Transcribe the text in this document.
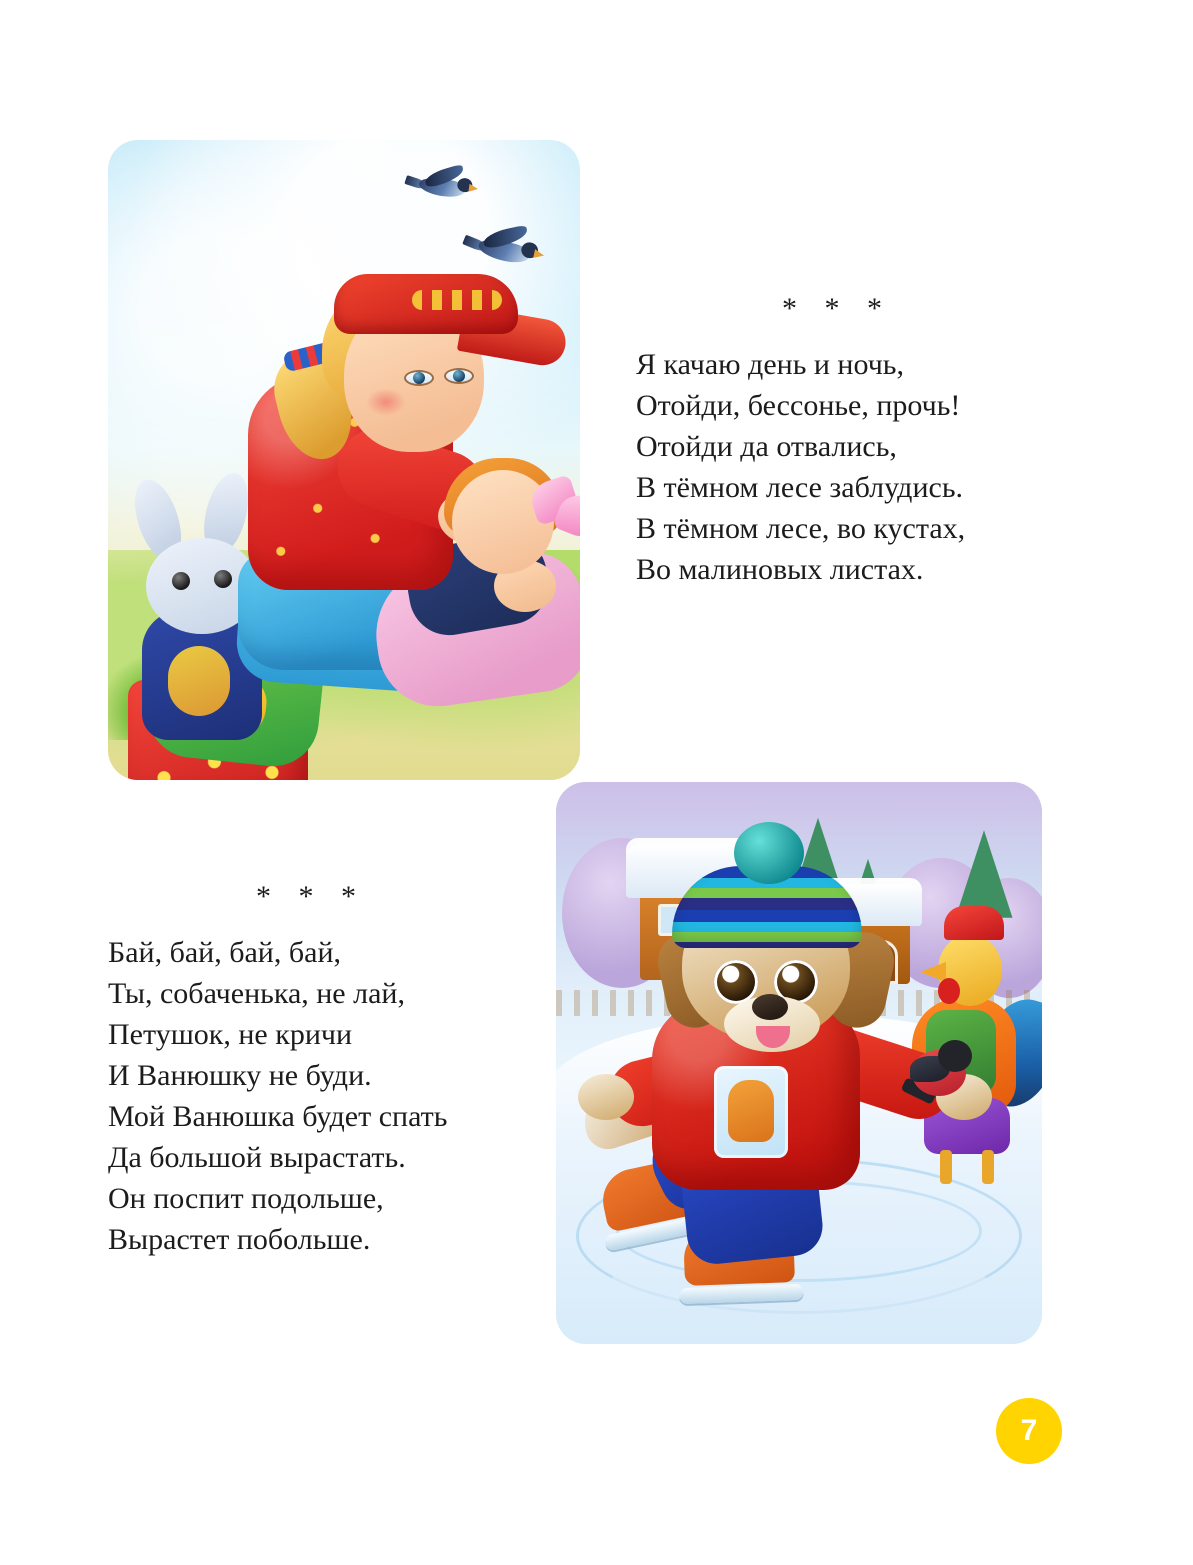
* * *
Я качаю день и ночь,
Отойди, бессонье, прочь!
Отойди да отвались,
В тёмном лесе заблудись.
В тёмном лесе, во кустах,
Во малиновых листах.
* * *
Бай, бай, бай, бай,
Ты, собаченька, не лай,
Петушок, не кричи
И Ванюшку не буди.
Мой Ванюшка будет спать
Да большой вырастать.
Он поспит подольше,
Вырастет побольше.
7
